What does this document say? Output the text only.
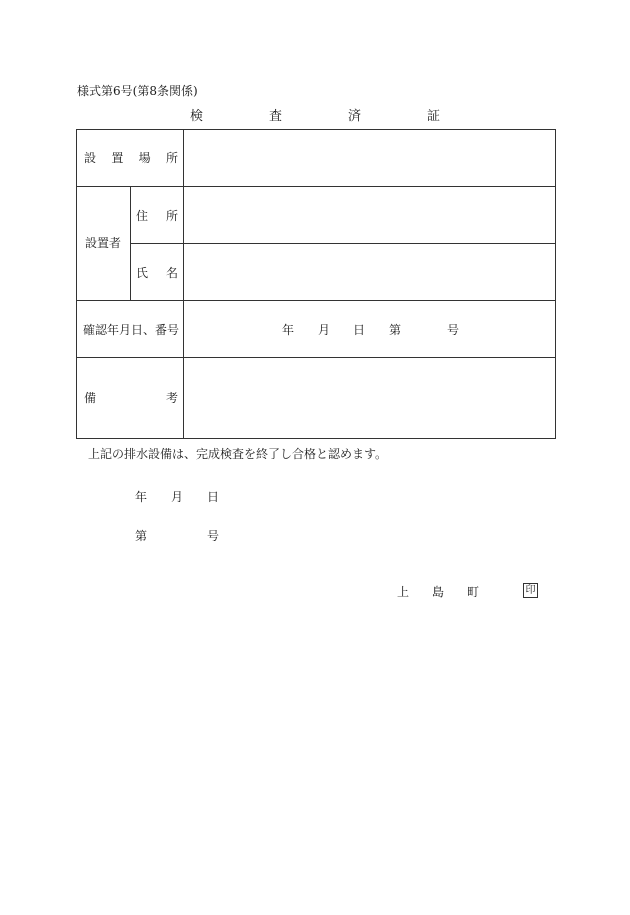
様式第6号(第8条関係)
検	査	済	証
設 置 場 所
設置者
住 所
氏 名
確認年月日、番号	年 月 日 第	号
備	考
上記の排水設備は、完成検査を終了し合格と認めます。
年 月 日
第	号
上 島 町	印
